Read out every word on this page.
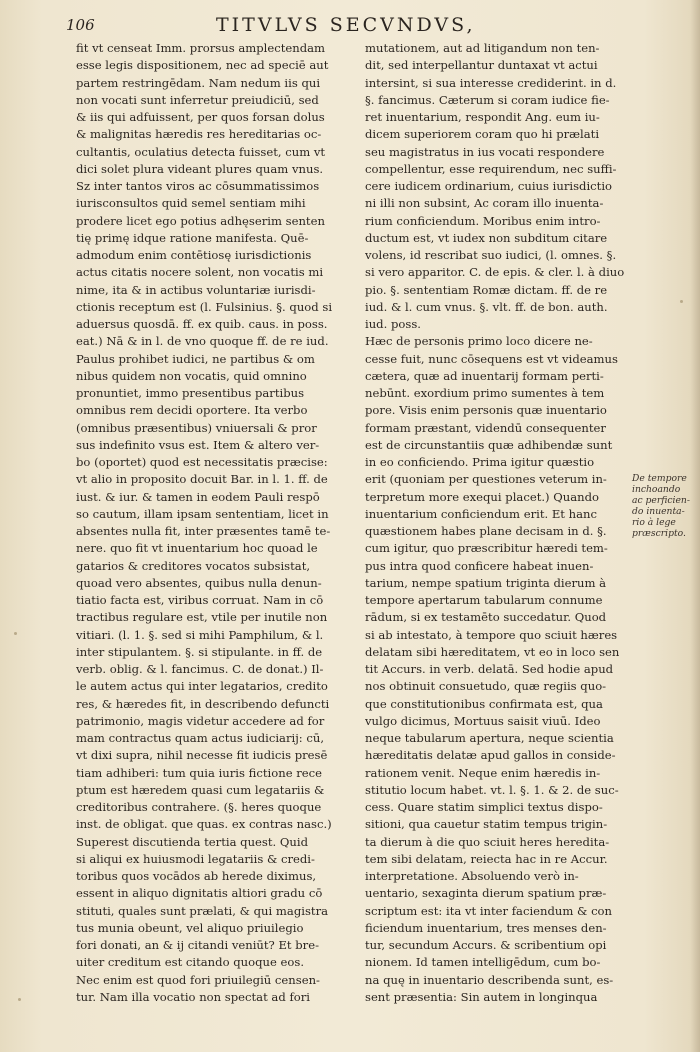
106	TITVLVS SECVNDVS,
fit vt censeat Imm. prorsus amplectendam
esse legis dispositionem, nec ad speciē aut
partem restringēdam. Nam nedum iis qui
non vocati sunt inferretur preiudiciū, sed
& iis qui adfuissent, per quos forsan dolus
& malignitas hæredis res hereditarias oc-
cultantis, oculatius detecta fuisset, cum vt
dici solet plura videant plures quam vnus.
Sz inter tantos viros ac cōsummatissimos
iurisconsultos quid semel sentiam mihi
prodere licet ego potius adhęserim senten
tię primę idque ratione manifesta. Quē-
admodum enim contētiosę iurisdictionis
actus citatis nocere solent, non vocatis mi
nime, ita & in actibus voluntariæ iurisdi-
ctionis receptum est (l. Fulsinius. §. quod si
aduersus quosdā. ff. ex quib. caus. in poss.
eat.) Nā & in l. de vno quoque ff. de re iud.
Paulus prohibet iudici, ne partibus & om
nibus quidem non vocatis, quid omnino
pronuntiet, immo presentibus partibus
omnibus rem decidi oportere. Ita verbo
(omnibus præsentibus) vniuersali & pror
sus indefinito vsus est. Item & altero ver-
bo (oportet) quod est necessitatis præcise:
vt alio in proposito docuit Bar. in l. 1. ff. de
iust. & iur. & tamen in eodem Pauli respō
so cautum, illam ipsam sententiam, licet in
absentes nulla fit, inter præsentes tamē te-
nere. quo fit vt inuentarium hoc quoad le
gatarios & creditores vocatos subsistat,
quoad vero absentes, quibus nulla denun-
tiatio facta est, viribus corruat. Nam in cō
tractibus regulare est, vtile per inutile non
vitiari. (l. 1. §. sed si mihi Pamphilum, & l.
inter stipulantem. §. si stipulante. in ff. de
verb. oblig. & l. fancimus. C. de donat.) Il-
le autem actus qui inter legatarios, credito
res, & hæredes fit, in describendo defuncti
patrimonio, magis videtur accedere ad for
mam contractus quam actus iudiciarij: cū,
vt dixi supra, nihil necesse fit iudicis presē
tiam adhiberi: tum quia iuris fictione rece
ptum est hæredem quasi cum legatariis &
creditoribus contrahere. (§. heres quoque
inst. de obligat. que quas. ex contras nasc.)
Superest discutienda tertia quest. Quid
si aliqui ex huiusmodi legatariis & credi-
toribus quos vocādos ab herede diximus,
essent in aliquo dignitatis altiori gradu cō
stituti, quales sunt prælati, & qui magistra
tus munia obeunt, vel aliquo priuilegio
fori donati, an & ij citandi veniūt? Et bre-
uiter creditum est citando quoque eos.
Nec enim est quod fori priuilegiū censen-
tur. Nam illa vocatio non spectat ad fori
mutationem, aut ad litigandum non ten-
dit, sed interpellantur duntaxat vt actui
intersint, si sua interesse crediderint. in d.
§. fancimus. Cæterum si coram iudice fie-
ret inuentarium, respondit Ang. eum iu-
dicem superiorem coram quo hi prælati
seu magistratus in ius vocati respondere
compellentur, esse requirendum, nec suffi-
cere iudicem ordinarium, cuius iurisdictio
ni illi non subsint, Ac coram illo inuenta-
rium conficiendum. Moribus enim intro-
ductum est, vt iudex non subditum citare
volens, id rescribat suo iudici, (l. omnes. §.
si vero apparitor. C. de epis. & cler. l. à diuo
pio. §. sententiam Romæ dictam. ff. de re
iud. & l. cum vnus. §. vlt. ff. de bon. auth.
iud. poss.
Hæc de personis primo loco dicere ne-
cesse fuit, nunc cōsequens est vt videamus
cætera, quæ ad inuentarij formam perti-
nebūnt. exordium primo sumentes à tem
pore. Visis enim personis quæ inuentario
formam præstant, videndū consequenter
est de circunstantiis quæ adhibendæ sunt
in eo conficiendo. Prima igitur quæstio
erit (quoniam per questiones veterum in-
terpretum more exequi placet.) Quando
inuentarium conficiendum erit. Et hanc
quæstionem habes plane decisam in d. §.
cum igitur, quo præscribitur hæredi tem-
pus intra quod conficere habeat inuen-
tarium, nempe spatium triginta dierum à
tempore apertarum tabularum connume
rādum, si ex testamēto succedatur. Quod
si ab intestato, à tempore quo sciuit hæres
delatam sibi hæreditatem, vt eo in loco sen
tit Accurs. in verb. delatā. Sed hodie apud
nos obtinuit consuetudo, quæ regiis quo-
que constitutionibus confirmata est, qua
vulgo dicimus, Mortuus saisit viuū. Ideo
neque tabularum apertura, neque scientia
hæreditatis delatæ apud gallos in conside-
rationem venit. Neque enim hæredis in-
stitutio locum habet. vt. l. §. 1. & 2. de suc-
cess. Quare statim simplici textus dispo-
sitioni, qua cauetur statim tempus trigin-
ta dierum à die quo sciuit heres heredita-
tem sibi delatam, reiecta hac in re Accur.
interpretatione. Absoluendo verò in-
uentario, sexaginta dierum spatium præ-
scriptum est: ita vt inter faciendum & con
ficiendum inuentarium, tres menses den-
tur, secundum Accurs. & scribentium opi
nionem. Id tamen intelligēdum, cum bo-
na quę in inuentario describenda sunt, es-
sent præsentia: Sin autem in longinqua
De tempore
inchoando
ac perficien-
do inuenta-
rio à lege
præscripto.
